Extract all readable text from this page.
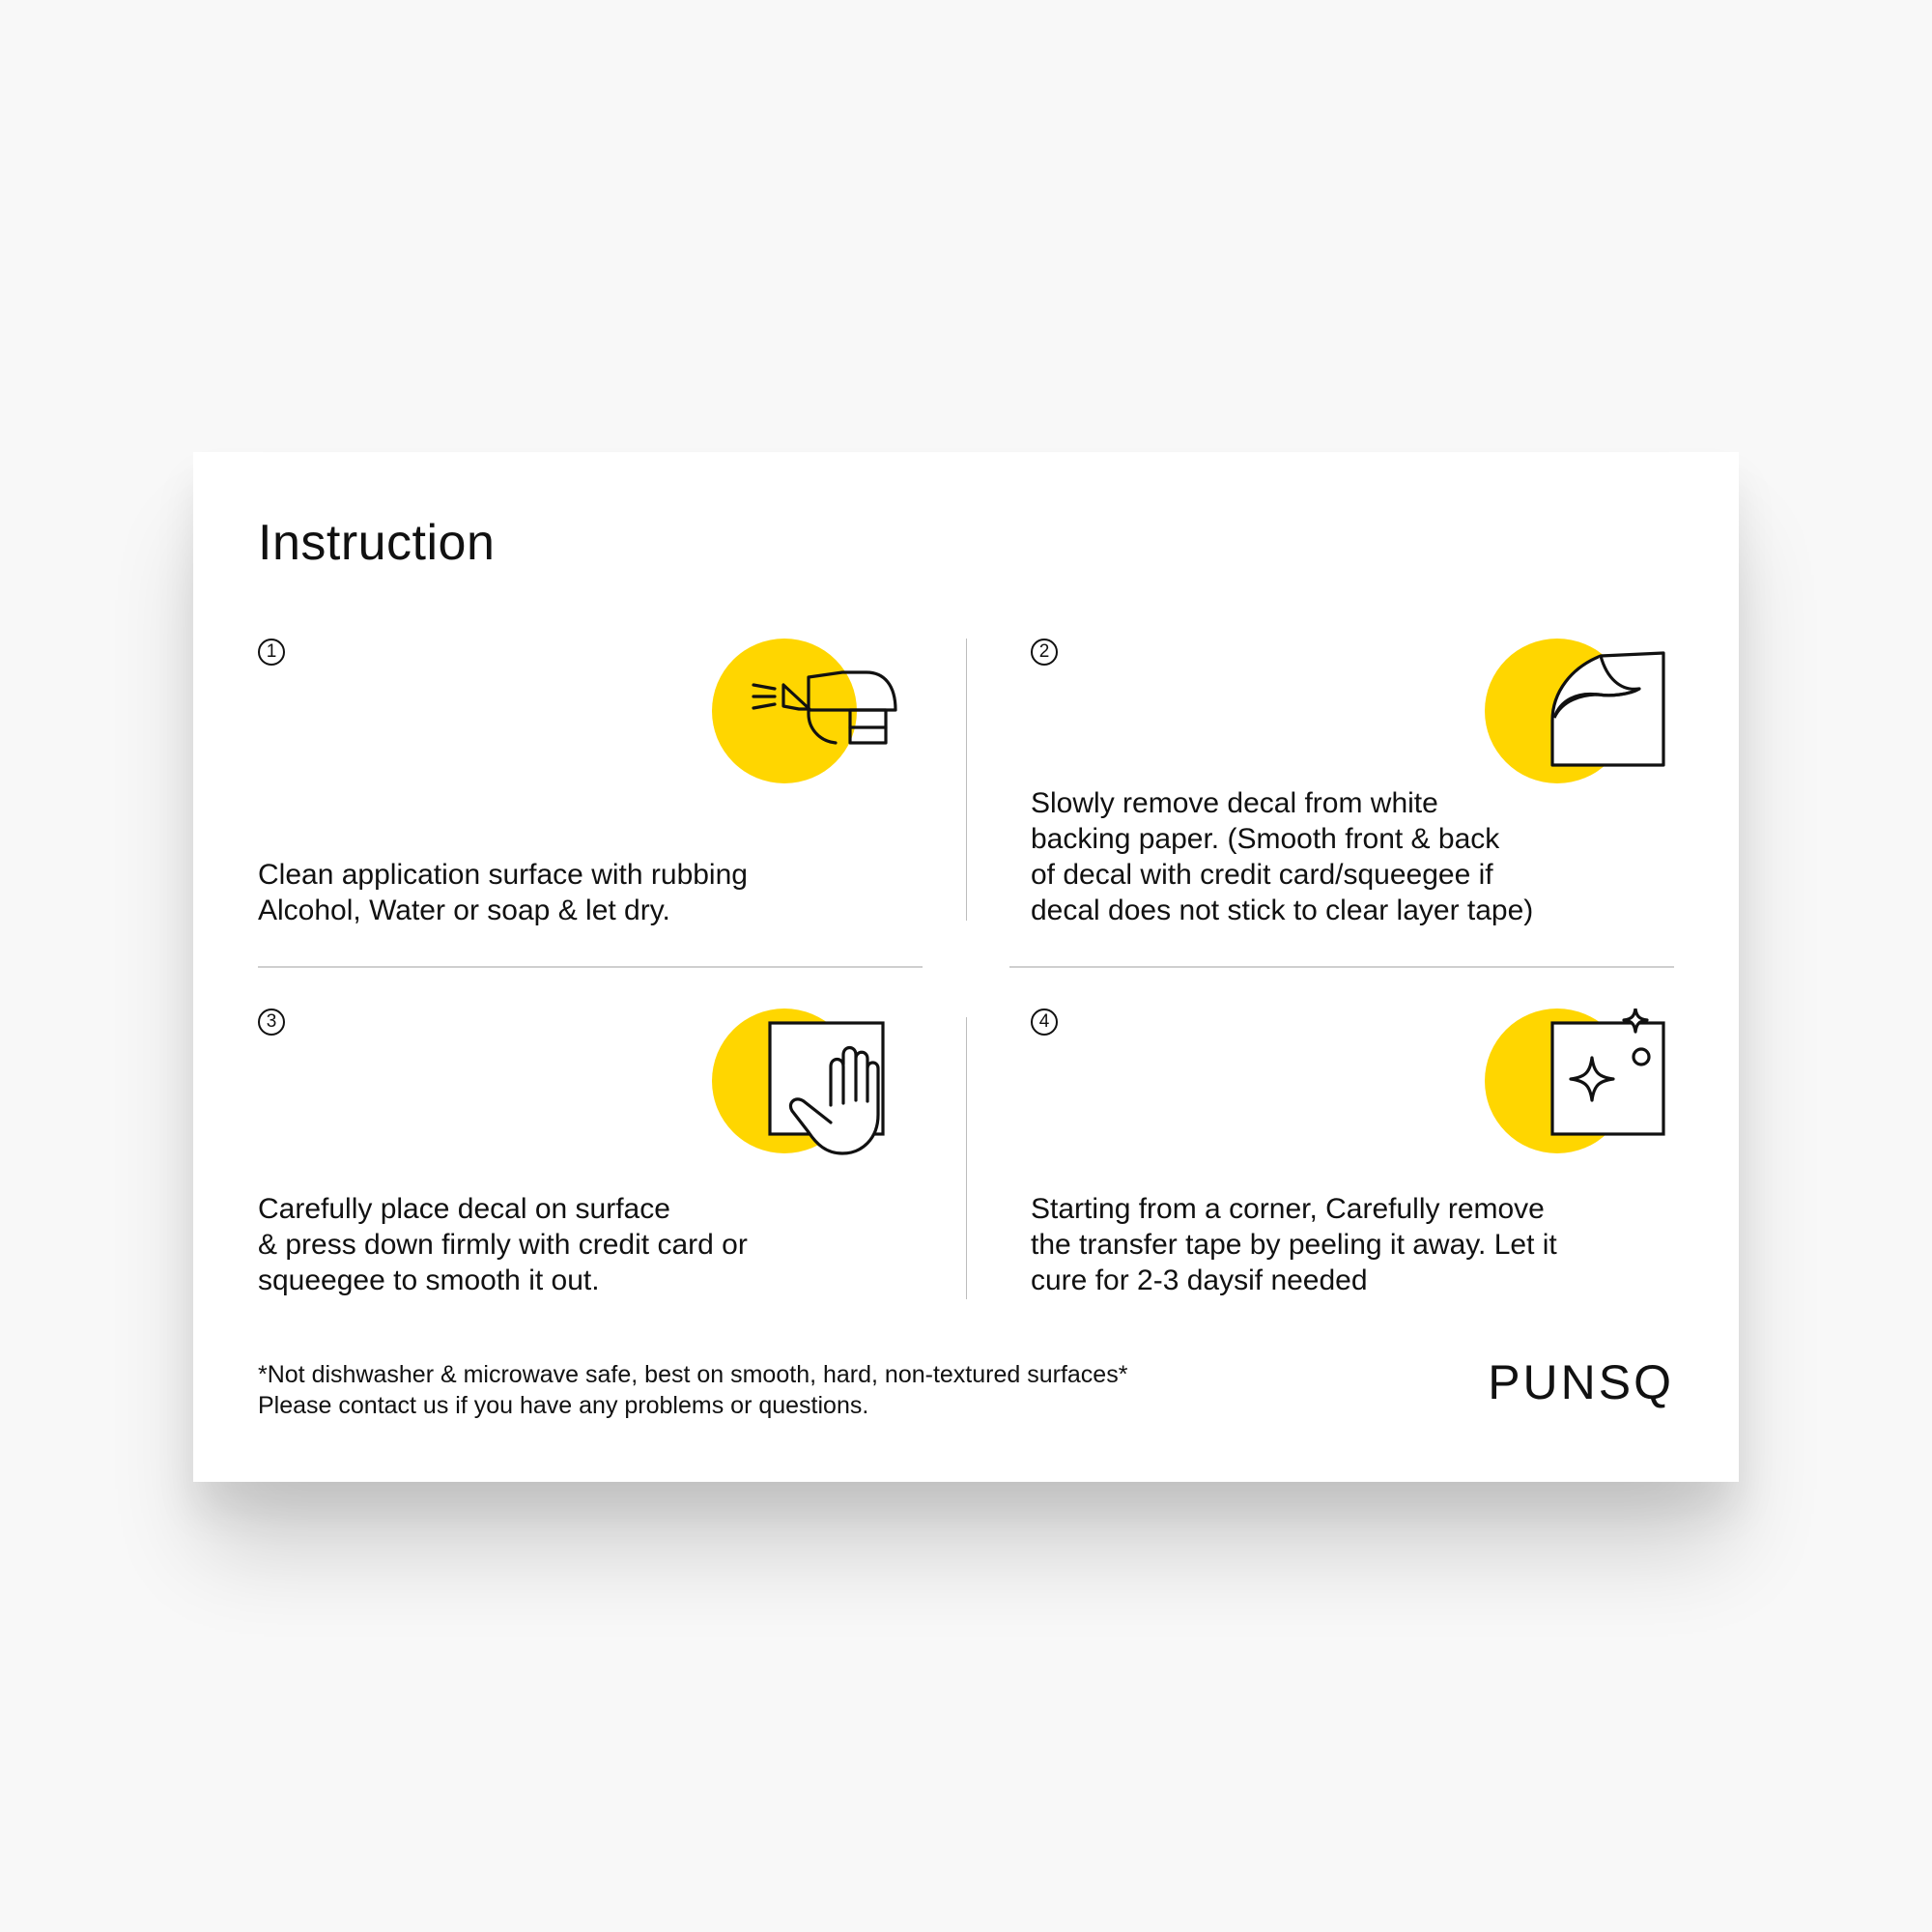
Instruction
1

Clean application surface with rubbing
Alcohol, Water or soap & let dry.

2

Slowly remove decal from white
backing paper. (Smooth front & back
of decal with credit card/squeegee if
decal does not stick to clear layer tape)

3

Carefully place decal on surface
& press down firmly with credit card or
squeegee to smooth it out.

4

Starting from a corner, Carefully remove
the transfer tape by peeling it away. Let it
cure for 2-3 daysif needed

*Not dishwasher & microwave safe, best on smooth, hard, non-textured surfaces*

Please contact us if you have any problems or questions.	PUNSQ
